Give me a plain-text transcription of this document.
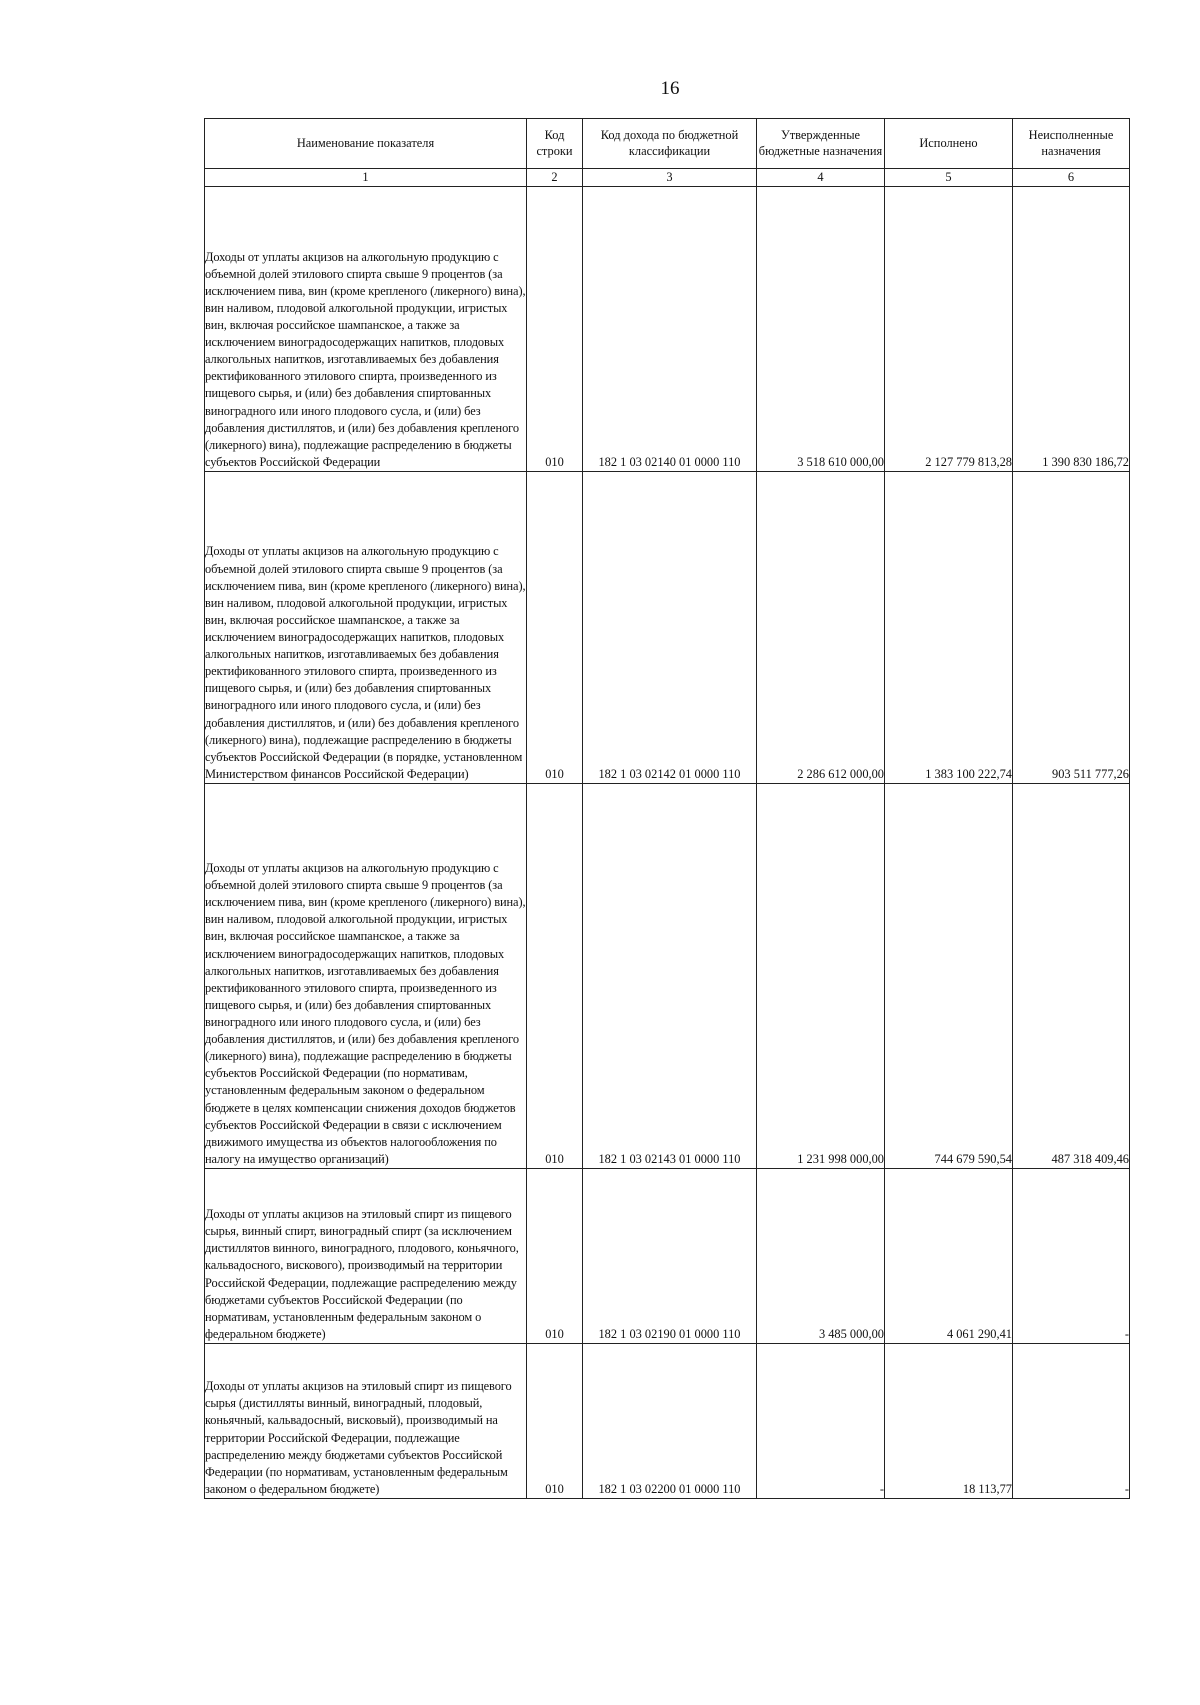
16
Наименование показателя	Код строки	Код дохода по бюджетной классификации	Утвержденные бюджетные назначения	Исполнено	Неисполненные назначения
1	2	3	4	5	6
Доходы от уплаты акцизов на алкогольную продукцию с объемной долей этилового спирта свыше 9 процентов (за исключением пива, вин (кроме крепленого (ликерного) вина), вин наливом, плодовой алкогольной продукции, игристых вин, включая российское шампанское, а также за исключением виноградосодержащих напитков, плодовых алкогольных напитков, изготавливаемых без добавления ректификованного этилового спирта, произведенного из пищевого сырья, и (или) без добавления спиртованных виноградного или иного плодового сусла, и (или) без добавления дистиллятов, и (или) без добавления крепленого (ликерного) вина), подлежащие распределению в бюджеты субъектов Российской Федерации	010	182 1 03 02140 01 0000 110	3 518 610 000,00	2 127 779 813,28	1 390 830 186,72
Доходы от уплаты акцизов на алкогольную продукцию с объемной долей этилового спирта свыше 9 процентов (за исключением пива, вин (кроме крепленого (ликерного) вина), вин наливом, плодовой алкогольной продукции, игристых вин, включая российское шампанское, а также за исключением виноградосодержащих напитков, плодовых алкогольных напитков, изготавливаемых без добавления ректификованного этилового спирта, произведенного из пищевого сырья, и (или) без добавления спиртованных виноградного или иного плодового сусла, и (или) без добавления дистиллятов, и (или) без добавления крепленого (ликерного) вина), подлежащие распределению в бюджеты субъектов Российской Федерации (в порядке, установленном Министерством финансов Российской Федерации)	010	182 1 03 02142 01 0000 110	2 286 612 000,00	1 383 100 222,74	903 511 777,26
Доходы от уплаты акцизов на алкогольную продукцию с объемной долей этилового спирта свыше 9 процентов (за исключением пива, вин (кроме крепленого (ликерного) вина), вин наливом, плодовой алкогольной продукции, игристых вин, включая российское шампанское, а также за исключением виноградосодержащих напитков, плодовых алкогольных напитков, изготавливаемых без добавления ректификованного этилового спирта, произведенного из пищевого сырья, и (или) без добавления спиртованных виноградного или иного плодового сусла, и (или) без добавления дистиллятов, и (или) без добавления крепленого (ликерного) вина), подлежащие распределению в бюджеты субъектов Российской Федерации (по нормативам, установленным федеральным законом о федеральном бюджете в целях компенсации снижения доходов бюджетов субъектов Российской Федерации в связи с исключением движимого имущества из объектов налогообложения по налогу на имущество организаций)	010	182 1 03 02143 01 0000 110	1 231 998 000,00	744 679 590,54	487 318 409,46
Доходы от уплаты акцизов на этиловый спирт из пищевого сырья, винный спирт, виноградный спирт (за исключением дистиллятов винного, виноградного, плодового, коньячного, кальвадосного, вискового), производимый на территории Российской Федерации, подлежащие распределению между бюджетами субъектов Российской Федерации (по нормативам, установленным федеральным законом о федеральном бюджете)	010	182 1 03 02190 01 0000 110	3 485 000,00	4 061 290,41	-
Доходы от уплаты акцизов на этиловый спирт из пищевого сырья (дистилляты винный, виноградный, плодовый, коньячный, кальвадосный, висковый), производимый на территории Российской Федерации, подлежащие распределению между бюджетами субъектов Российской Федерации (по нормативам, установленным федеральным законом о федеральном бюджете)	010	182 1 03 02200 01 0000 110	-	18 113,77	-
